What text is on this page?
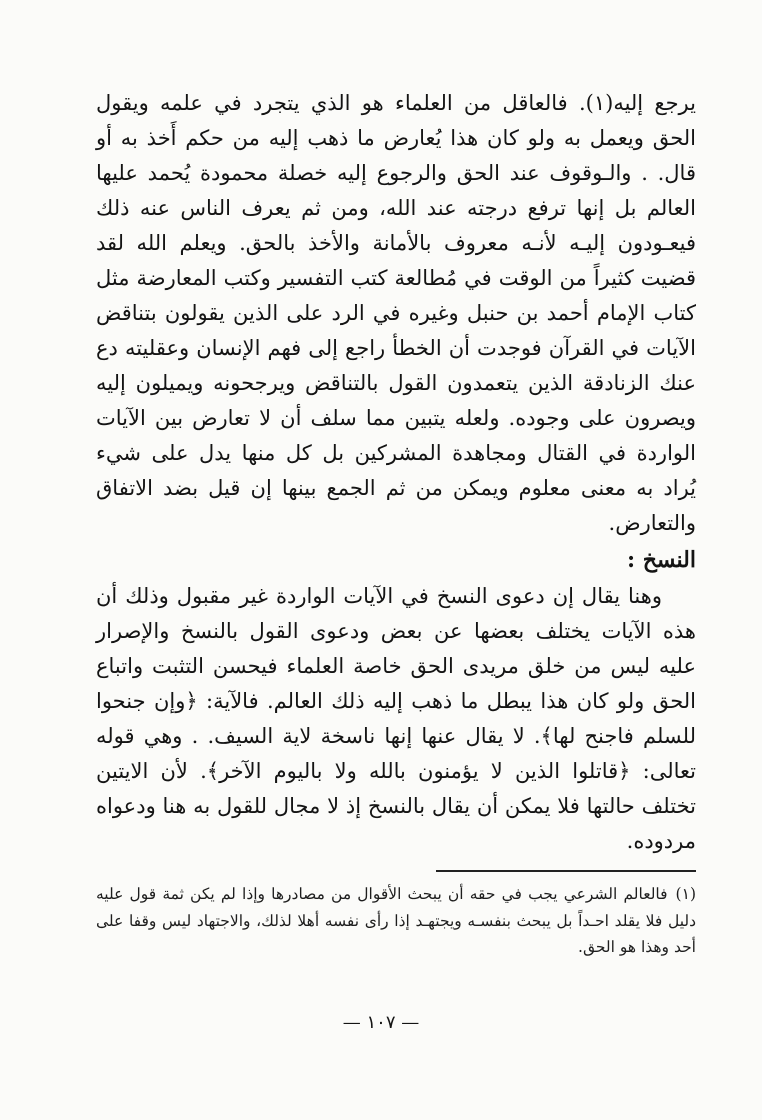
يرجع إليه(١). فالعاقل من العلماء هو الذي يتجرد في علمه ويقول الحق ويعمل به ولو كان هذا يُعارض ما ذهب إليه من حكم أَخذ به أو قال. . والـوقوف عند الحق والرجوع إليه خصلة محمودة يُحمد عليها العالم بل إنها ترفع درجته عند الله، ومن ثم يعرف الناس عنه ذلك فيعـودون إليـه لأنـه معروف بالأمانة والأخذ بالحق. ويعلم الله لقد قضيت كثيراً من الوقت في مُطالعة كتب التفسير وكتب المعارضة مثل كتاب الإمام أحمد بن حنبل وغيره في الرد على الذين يقولون بتناقض الآيات في القرآن فوجدت أن الخطأ راجع إلى فهم الإنسان وعقليته دع عنك الزنادقة الذين يتعمدون القول بالتناقض ويرجحونه ويميلون إليه ويصرون على وجوده. ولعله يتبين مما سلف أن لا تعارض بين الآيات الواردة في القتال ومجاهدة المشركين بل كل منها يدل على شيء يُراد به معنى معلوم ويمكن من ثم الجمع بينها إن قيل بضد الاتفاق والتعارض.

النسخ :

وهنا يقال إن دعوى النسخ في الآيات الواردة غير مقبول وذلك أن هذه الآيات يختلف بعضها عن بعض ودعوى القول بالنسخ والإصرار عليه ليس من خلق مريدى الحق خاصة العلماء فيحسن التثبت واتباع الحق ولو كان هذا يبطل ما ذهب إليه ذلك العالم. فالآية: ﴿وإن جنحوا للسلم فاجنح لها﴾. لا يقال عنها إنها ناسخة لاية السيف. . وهي قوله تعالى: ﴿قاتلوا الذين لا يؤمنون بالله ولا باليوم الآخر﴾. لأن الايتين تختلف حالتها فلا يمكن أن يقال بالنسخ إذ لا مجال للقول به هنا ودعواه مردوده.

(١)فالعالم الشرعي يجب في حقه أن يبحث الأقوال من مصادرها وإذا لم يكن ثمة قول عليه دليل فلا يقلد احـداً بل يبحث بنفسـه ويجتهـد إذا رأى نفسه أهلا لذلك، والاجتهاد ليس وقفا على أحد وهذا هو الحق.
— ١٠٧ —
